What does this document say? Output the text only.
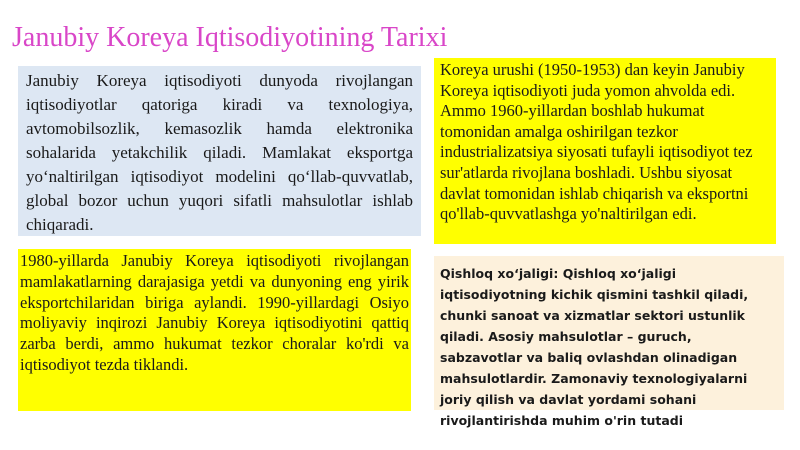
Janubiy Koreya Iqtisodiyotining Tarixi
Janubiy Koreya iqtisodiyoti dunyoda rivojlangan iqtisodiyotlar qatoriga kiradi va texnologiya, avtomobilsozlik, kemasozlik hamda elektronika sohalarida yetakchilik qiladi. Mamlakat eksportga yo‘naltirilgan iqtisodiyot modelini qo‘llab-quvvatlab, global bozor uchun yuqori sifatli mahsulotlar ishlab chiqaradi.
Koreya urushi (1950-1953) dan keyin Janubiy Koreya iqtisodiyoti juda yomon ahvolda edi. Ammo 1960-yillardan boshlab hukumat tomonidan amalga oshirilgan tezkor industrializatsiya siyosati tufayli iqtisodiyot tez sur'atlarda rivojlana boshladi. Ushbu siyosat davlat tomonidan ishlab chiqarish va eksportni qo'llab-quvvatlashga yo'naltirilgan edi.
1980-yillarda Janubiy Koreya iqtisodiyoti rivojlangan mamlakatlarning darajasiga yetdi va dunyoning eng yirik eksportchilaridan biriga aylandi. 1990-yillardagi Osiyo moliyaviy inqirozi Janubiy Koreya iqtisodiyotini qattiq zarba berdi, ammo hukumat tezkor choralar ko'rdi va iqtisodiyot tezda tiklandi.
Qishloq xo‘jaligi: Qishloq xo‘jaligi iqtisodiyotning kichik qismini tashkil qiladi, chunki sanoat va xizmatlar sektori ustunlik qiladi. Asosiy mahsulotlar – guruch, sabzavotlar va baliq ovlashdan olinadigan mahsulotlardir. Zamonaviy texnologiyalarni joriy qilish va davlat yordami sohani rivojlantirishda muhim o'rin tutadi
